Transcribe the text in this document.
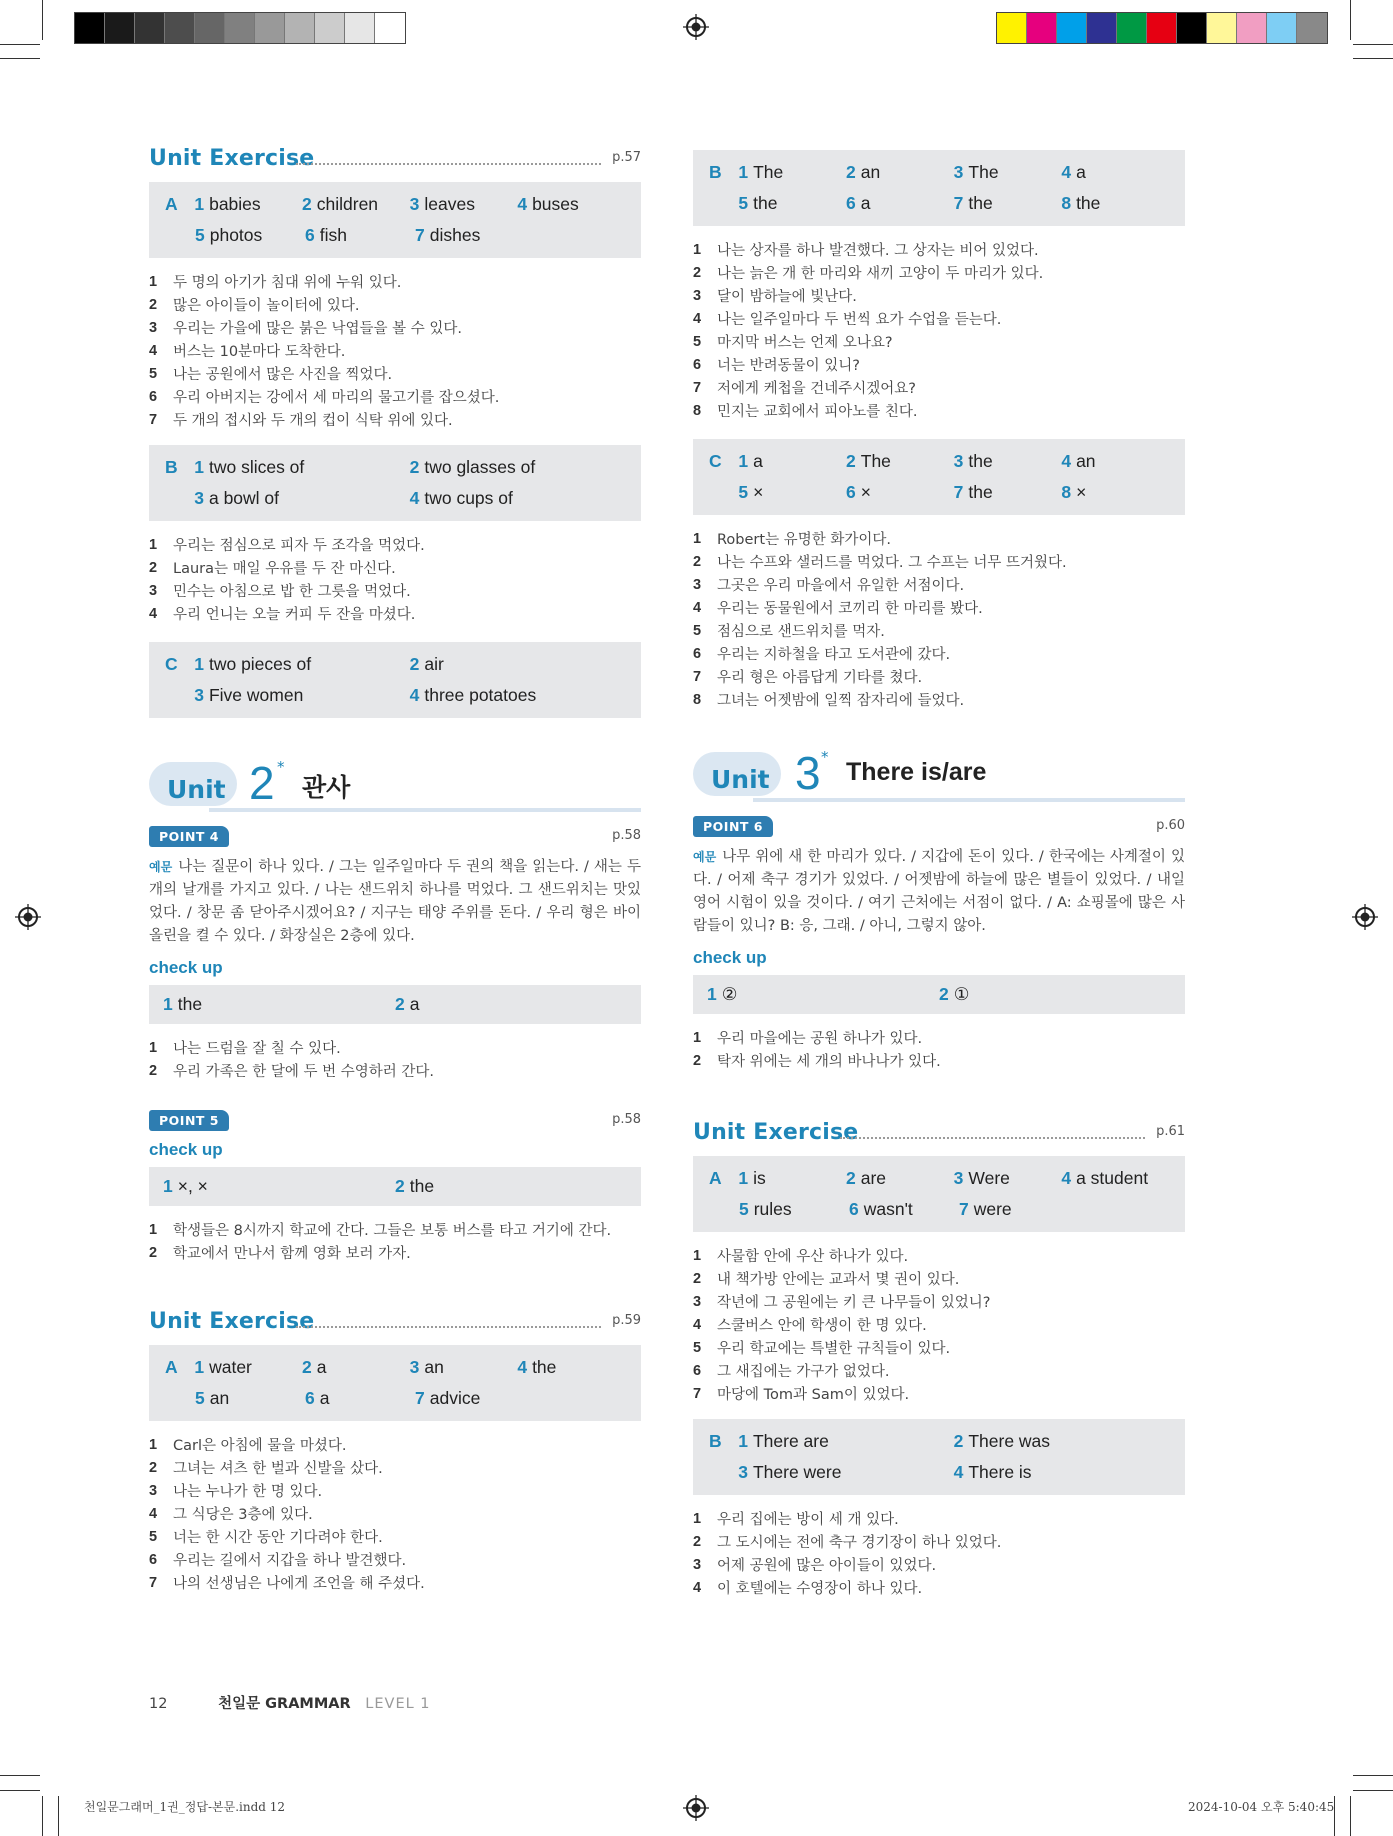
Unit Exercise	p.57
A 1 babies 2 children 3 leaves 4 buses
5 photos 6 fish	7 dishes
1	두 명의 아기가 침대 위에 누워 있다.
2	많은 아이들이 놀이터에 있다.
3	우리는 가을에 많은 붉은 낙엽들을 볼 수 있다.
4	버스는 10분마다 도착한다.
5	나는 공원에서 많은 사진을 찍었다.
6	우리 아버지는 강에서 세 마리의 물고기를 잡으셨다.
7	두 개의 접시와 두 개의 컵이 식탁 위에 있다.
B 1 two slices of	2 two glasses of
3 a bowl of	4 two cups of
1	우리는 점심으로 피자 두 조각을 먹었다.
2	Laura는 매일 우유를 두 잔 마신다.
3	민수는 아침으로 밥 한 그릇을 먹었다.
4	우리 언니는 오늘 커피 두 잔을 마셨다.
C 1 two pieces of	2 air
3 Five women	4 three potatoes
Unit 2 *
관사
POINT 4	p.58
예문 나는 질문이 하나 있다. / 그는 일주일마다 두 권의 책을 읽는다. / 새는 두 개의 날개를 가지고 있다. / 나는 샌드위치 하나를 먹었다. 그 샌드위치는 맛있었다. / 창문 좀 닫아주시겠어요? / 지구는 태양 주위를 돈다. / 우리 형은 바이올린을 켤 수 있다. / 화장실은 2층에 있다.
check up
1 the	2 a
1	나는 드럼을 잘 칠 수 있다.
2	우리 가족은 한 달에 두 번 수영하러 간다.
POINT 5	p.58
check up
1 ×, ×	2 the
1	학생들은 8시까지 학교에 간다. 그들은 보통 버스를 타고 거기에 간다.
2	학교에서 만나서 함께 영화 보러 가자.
Unit Exercise	p.59
A 1 water	2 a	3 an	4 the
5 an	6 a	7 advice
1	Carl은 아침에 물을 마셨다.
2	그녀는 셔츠 한 벌과 신발을 샀다.
3	나는 누나가 한 명 있다.
4	그 식당은 3층에 있다.
5	너는 한 시간 동안 기다려야 한다.
6	우리는 길에서 지갑을 하나 발견했다.
7	나의 선생님은 나에게 조언을 해 주셨다.
B 1 The	2 an	3 The	4 a
5 the	6 a	7 the	8 the
1	나는 상자를 하나 발견했다. 그 상자는 비어 있었다.
2	나는 늙은 개 한 마리와 새끼 고양이 두 마리가 있다.
3	달이 밤하늘에 빛난다.
4	나는 일주일마다 두 번씩 요가 수업을 듣는다.
5	마지막 버스는 언제 오나요?
6	너는 반려동물이 있니?
7	저에게 케첩을 건네주시겠어요?
8	민지는 교회에서 피아노를 친다.
C 1 a	2 The	3 the	4 an
5 ×	6 ×	7 the	8 ×
1	Robert는 유명한 화가이다.
2	나는 수프와 샐러드를 먹었다. 그 수프는 너무 뜨거웠다.
3	그곳은 우리 마을에서 유일한 서점이다.
4	우리는 동물원에서 코끼리 한 마리를 봤다.
5	점심으로 샌드위치를 먹자.
6	우리는 지하철을 타고 도서관에 갔다.
7	우리 형은 아름답게 기타를 쳤다.
8	그녀는 어젯밤에 일찍 잠자리에 들었다.
Unit 3 *
There is/are
POINT 6	p.60
예문 나무 위에 새 한 마리가 있다. / 지갑에 돈이 있다. / 한국에는 사계절이 있다. / 어제 축구 경기가 있었다. / 어젯밤에 하늘에 많은 별들이 있었다. / 내일 영어 시험이 있을 것이다. / 여기 근처에는 서점이 없다. / A: 쇼핑몰에 많은 사람들이 있니? B: 응, 그래. / 아니, 그렇지 않아.
check up
1 ②	2 ①
1	우리 마을에는 공원 하나가 있다.
2	탁자 위에는 세 개의 바나나가 있다.
Unit Exercise	p.61
A 1 is	2 are	3 Were	4 a student
5 rules	6 wasn't	7 were
1	사물함 안에 우산 하나가 있다.
2	내 책가방 안에는 교과서 몇 권이 있다.
3	작년에 그 공원에는 키 큰 나무들이 있었니?
4	스쿨버스 안에 학생이 한 명 있다.
5	우리 학교에는 특별한 규칙들이 있다.
6	그 새집에는 가구가 없었다.
7	마당에 Tom과 Sam이 있었다.
B 1 There are	2 There was
3 There were	4 There is
1	우리 집에는 방이 세 개 있다.
2	그 도시에는 전에 축구 경기장이 하나 있었다.
3	어제 공원에 많은 아이들이 있었다.
4	이 호텔에는 수영장이 하나 있다.
12	천일문 GRAMMAR LEVEL 1
천일문그래머_1권_정답-본문.indd 12	2024-10-04 오후 5:40:45
